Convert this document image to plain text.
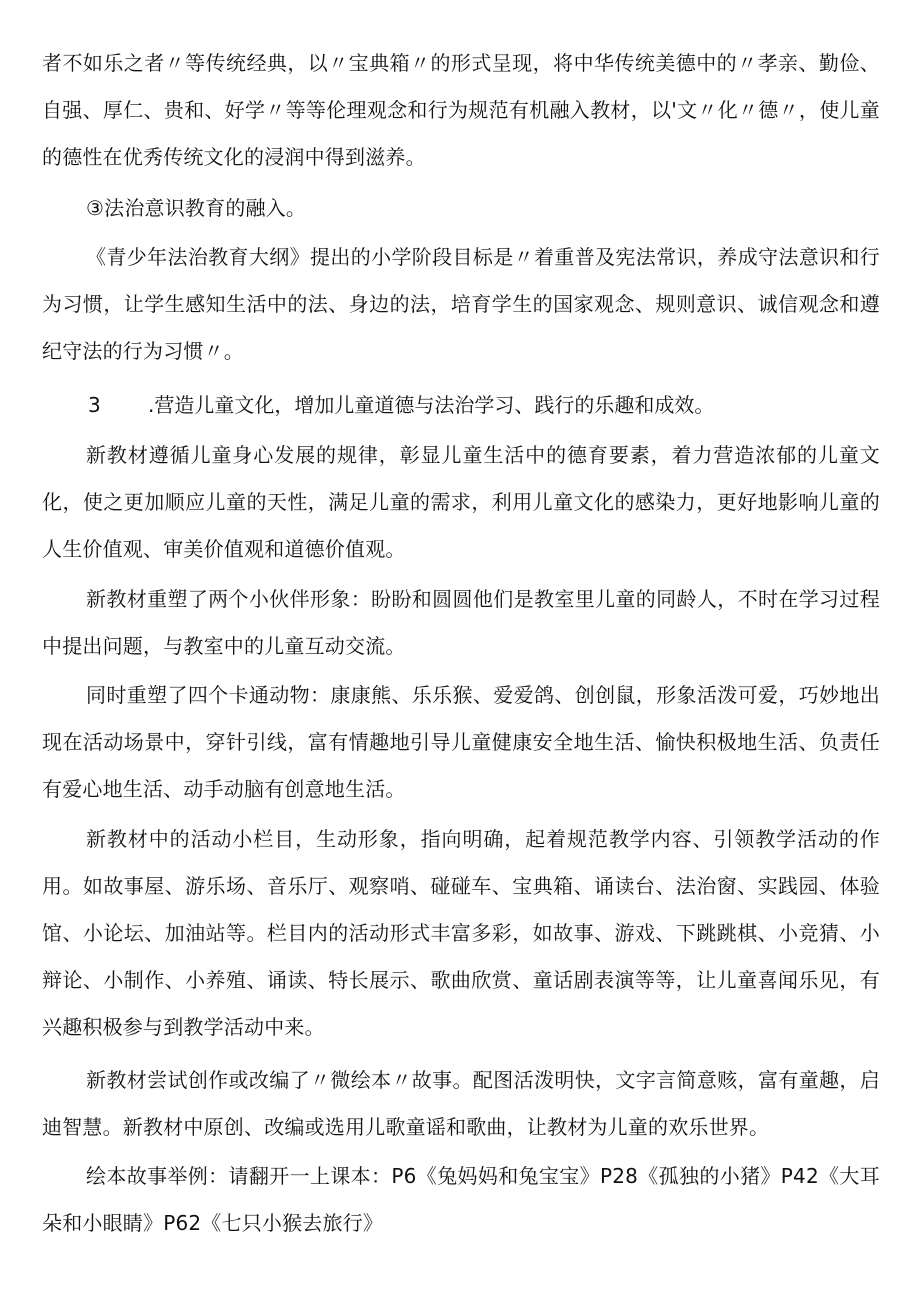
者不如乐之者〃等传统经典，以〃宝典箱〃的形式呈现，将中华传统美德中的〃孝亲、勤俭、自强、厚仁、贵和、好学〃等等伦理观念和行为规范有机融入教材，以'文〃化〃德〃，使儿童的德性在优秀传统文化的浸润中得到滋养。

③法治意识教育的融入。

《青少年法治教育大纲》提出的小学阶段目标是〃着重普及宪法常识，养成守法意识和行为习惯，让学生感知生活中的法、身边的法，培育学生的国家观念、规则意识、诚信观念和遵纪守法的行为习惯〃。

3 .营造儿童文化，增加儿童道德与法治学习、践行的乐趣和成效。

新教材遵循儿童身心发展的规律，彰显儿童生活中的德育要素，着力营造浓郁的儿童文化，使之更加顺应儿童的天性，满足儿童的需求，利用儿童文化的感染力，更好地影响儿童的人生价值观、审美价值观和道德价值观。

新教材重塑了两个小伙伴形象：盼盼和圆圆他们是教室里儿童的同龄人，不时在学习过程中提出问题，与教室中的儿童互动交流。

同时重塑了四个卡通动物：康康熊、乐乐猴、爱爱鸽、创创鼠，形象活泼可爱，巧妙地出现在活动场景中，穿针引线，富有情趣地引导儿童健康安全地生活、愉快积极地生活、负责任有爱心地生活、动手动脑有创意地生活。

新教材中的活动小栏目，生动形象，指向明确，起着规范教学内容、引领教学活动的作用。如故事屋、游乐场、音乐厅、观察哨、碰碰车、宝典箱、诵读台、法治窗、实践园、体验馆、小论坛、加油站等。栏目内的活动形式丰富多彩，如故事、游戏、下跳跳棋、小竞猜、小辩论、小制作、小养殖、诵读、特长展示、歌曲欣赏、童话剧表演等等，让儿童喜闻乐见，有兴趣积极参与到教学活动中来。

新教材尝试创作或改编了〃微绘本〃故事。配图活泼明快，文字言简意赅，富有童趣，启迪智慧。新教材中原创、改编或选用儿歌童谣和歌曲，让教材为儿童的欢乐世界。

绘本故事举例：请翻开一上课本：P6《兔妈妈和兔宝宝》P28《孤独的小猪》P42《大耳朵和小眼睛》P62《七只小猴去旅行》
